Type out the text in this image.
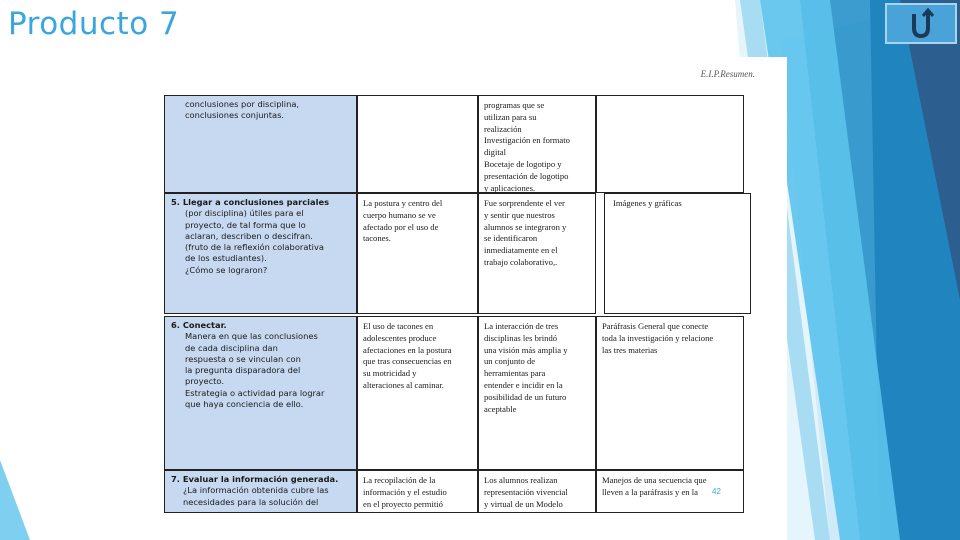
Producto 7
E.I.P.Resumen.
conclusiones por disciplina,
conclusiones conjuntas.
programas que se
utilizan para su
realización
Investigación en formato
digital
Bocetaje de logotipo y
presentación de logotipo
y aplicaciones.
5. Llegar a conclusiones parciales
(por disciplina) útiles para el
proyecto, de tal forma que lo
aclaran, describen o descifran.
(fruto de la reflexión colaborativa
de los estudiantes).
¿Cómo se lograron?
La postura y centro del
cuerpo humano se ve
afectado por el uso de
tacones.
Fue sorprendente el ver
y sentir que nuestros
alumnos se integraron y
se identificaron
inmediatamente en el
trabajo colaborativo,.
Imágenes y gráficas
6. Conectar.
Manera en que las conclusiones
de cada disciplina dan
respuesta o se vinculan con
la pregunta disparadora del
proyecto.
Estrategia o actividad para lograr
que haya conciencia de ello.
El uso de tacones en
adolescentes produce
afectaciones en la postura
que tras consecuencias en
su motricidad y
alteraciones al caminar.
La interacción de tres
disciplinas les brindó
una visión más amplia y
un conjunto de
herramientas para
entender e incidir en la
posibilidad de un futuro
aceptable
Paráfrasis General que conecte
toda la investigación y relacione
las tres materias
7. Evaluar la información generada.
¿La información obtenida cubre las
necesidades para la solución del
La recopilación de la
información y el estudio
en el proyecto permitió
Los alumnos realizan
representación vivencial
y virtual de un Modelo
Manejos de una secuencia que
lleven a la paráfrasis y en la	42
